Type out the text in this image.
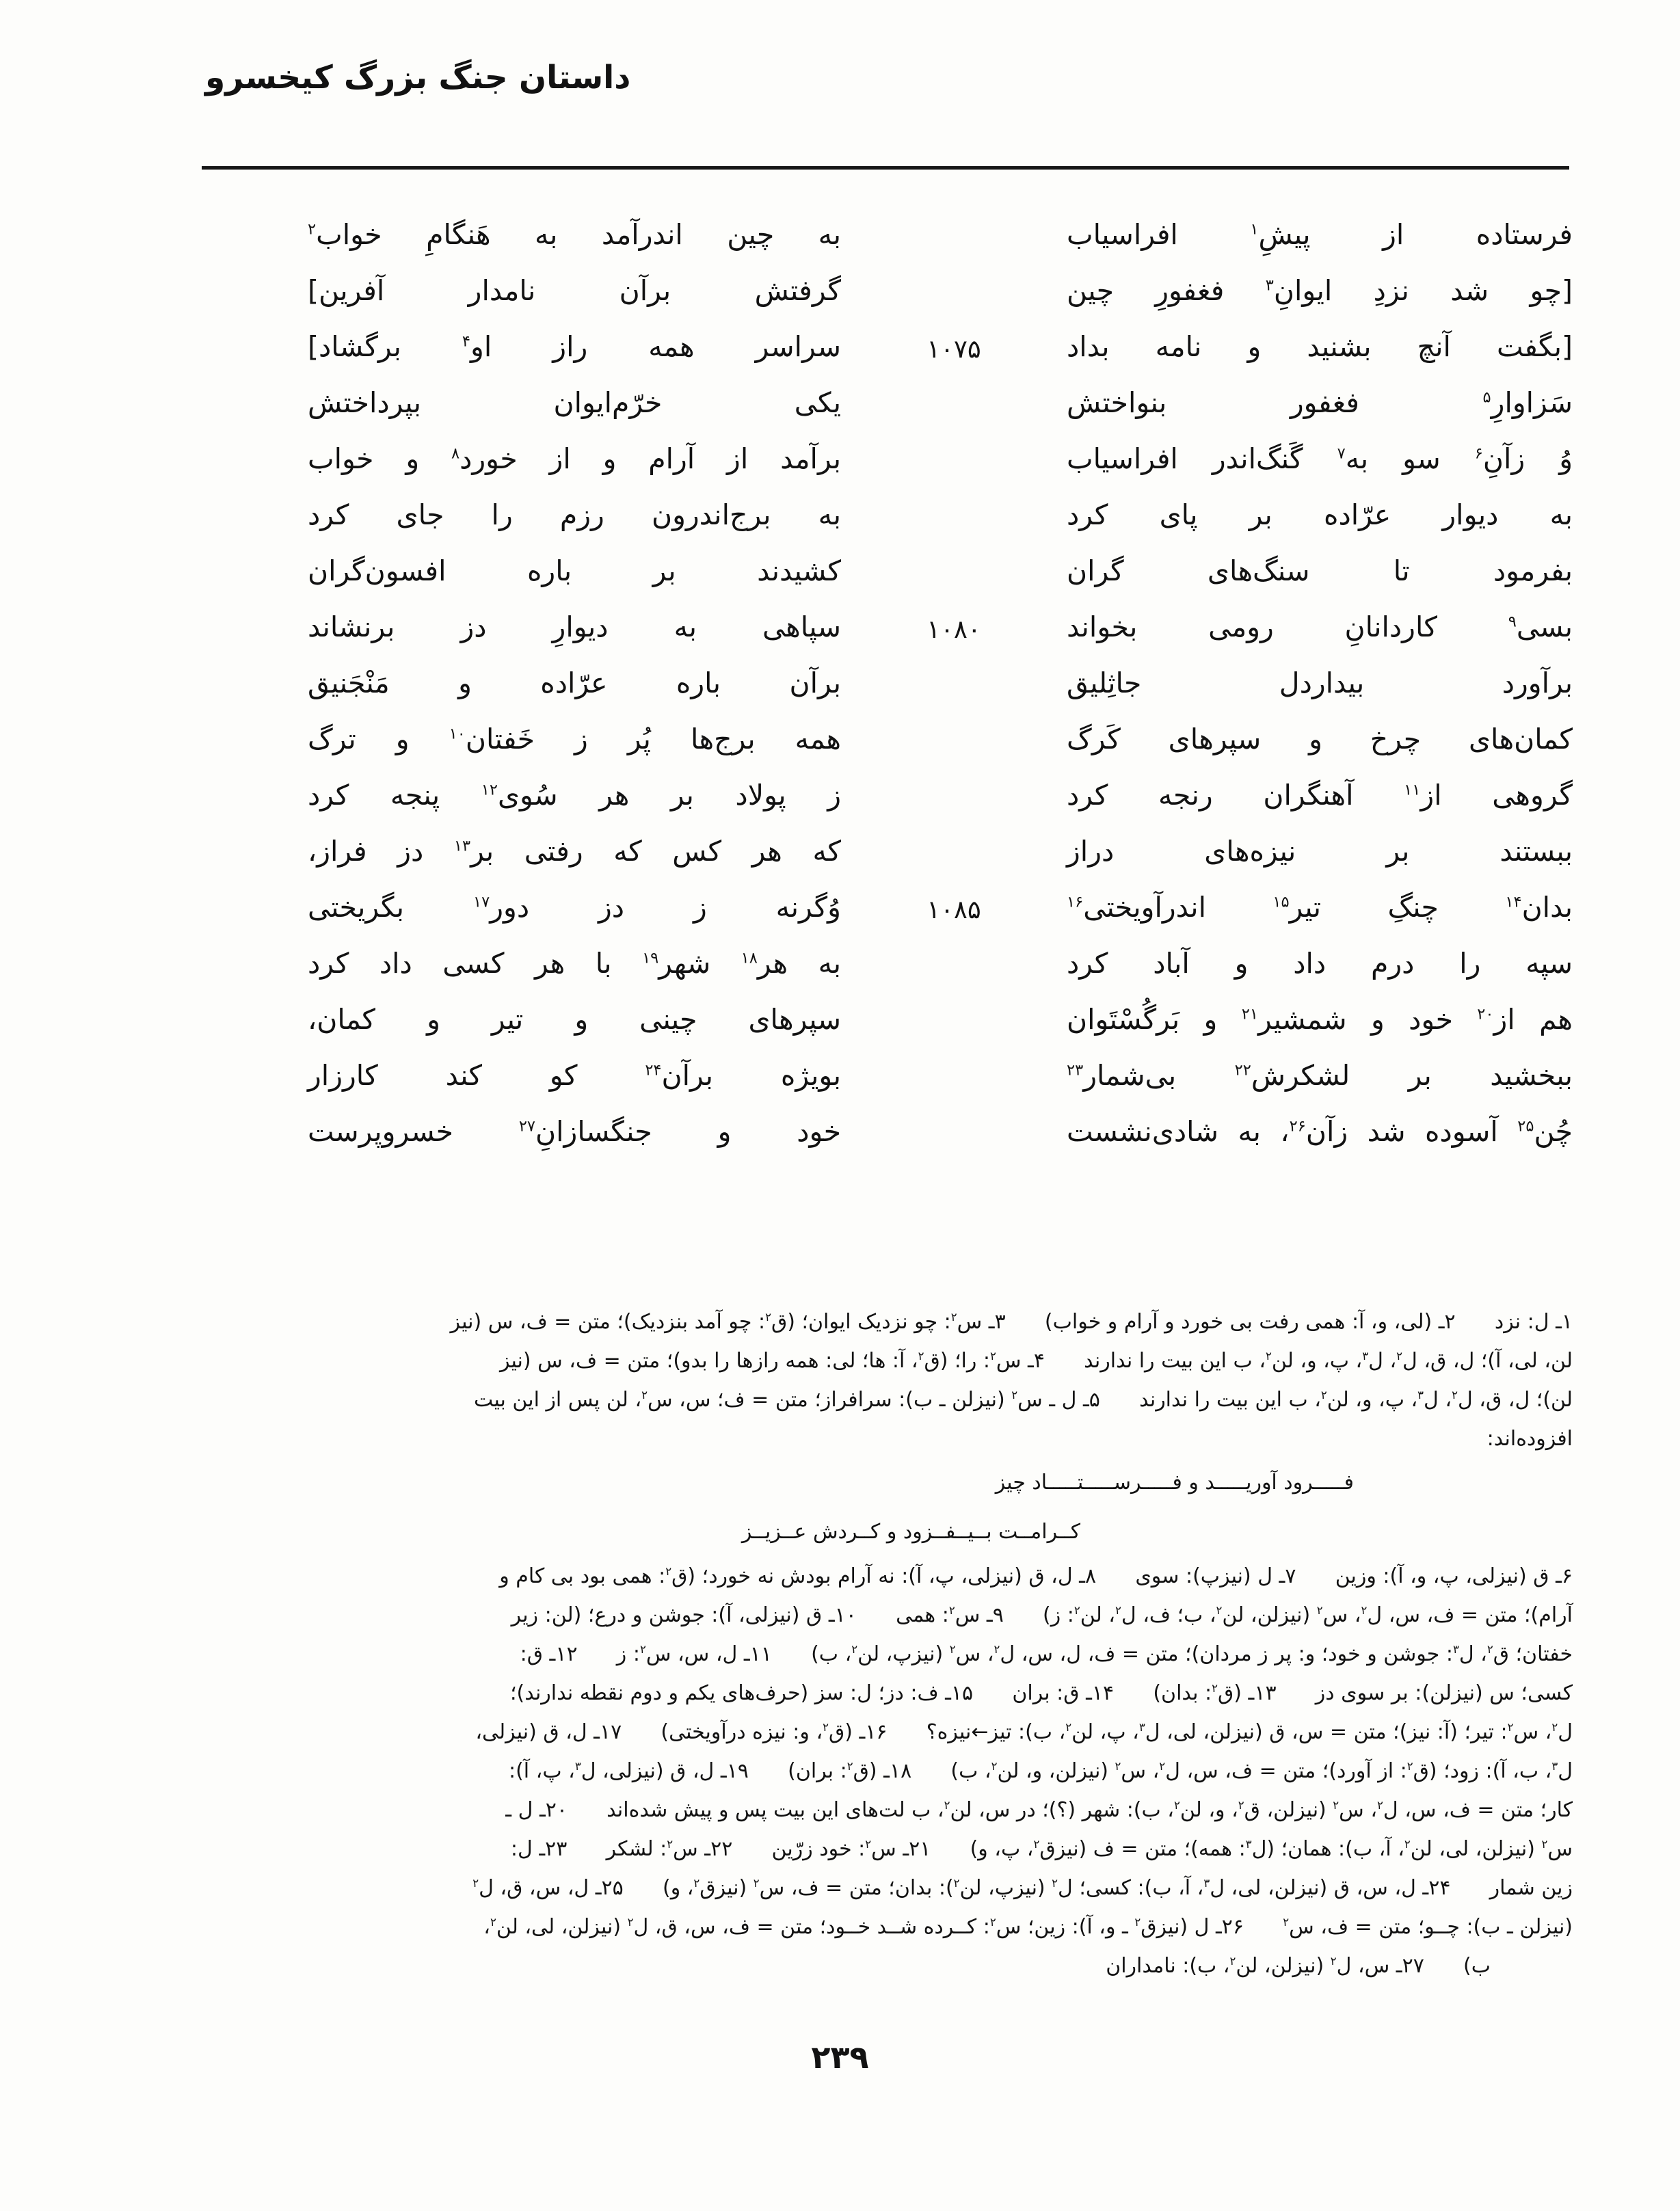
داستان جنگ بزرگ کیخسرو
فرستاده از پیشِ$^۱$ افراسیاب
به چین اندرآمد به هَنگامِ خواب$^۲$
[چو شد نزدِ ایوانِ$^۳$ فغفورِ چین
گرفتش برآن نامدار آفرین]
[بگفت آنچ بشنید و نامه بداد
۱۰۷۵
سراسر همه راز او$^۴$ برگشاد]
سَزاوارِ$^۵$ فغفور بنواختش
یکی خرّم‌ایوان بپرداختش
وُ زآنِ$^۶$ سو به$^۷$ گَنگ‌اندر افراسیاب
برآمد از آرام و از خورد$^۸$ و خواب
به دیوار عرّاده بر پای کرد
به برج‌اندرون رزم را جای کرد
بفرمود تا سنگ‌های گران
کشیدند بر باره افسون‌گران
بسی$^۹$ کاردانانِ رومی بخواند
۱۰۸۰
سپاهی به دیوارِ دز برنشاند
برآورد بیداردل جاثِلیق
برآن باره عرّاده و مَنْجَنیق
کمان‌های چرخ و سپرهای کَرگ
همه برج‌ها پُر ز خَفتان$^{۱۰}$ و ترگ
گروهی از$^{۱۱}$ آهنگران رنجه کرد
ز پولاد بر هر سُوی$^{۱۲}$ پنجه کرد
ببستند بر نیزه‌های دراز
که هر کس که رفتی بر$^{۱۳}$ دز فراز،
بدان$^{۱۴}$ چنگِ تیر$^{۱۵}$ اندرآویختی$^{۱۶}$
۱۰۸۵
وُگرنه ز دز دور$^{۱۷}$ بگریختی
سپه را درم داد و آباد کرد
به هر$^{۱۸}$ شهر$^{۱۹}$ با هر کسی داد کرد
هم از$^{۲۰}$ خود و شمشیر$^{۲۱}$ و بَرگُسْتَوان
سپرهای چینی و تیر و کمان،
ببخشید بر لشکرش$^{۲۲}$ بی‌شمار$^{۲۳}$
بویژه برآن$^{۲۴}$ کو کند کارزار
چُن$^{۲۵}$ آسوده شد زآن$^{۲۶}$، به شادی‌نشست
خود و جنگسازانِ$^{۲۷}$ خسروپرست
۱ـ ل: نزد      ۲ـ (لی، و، آ: همی رفت بی خورد و آرام و خواب)      ۳ـ س$^۲$: چو نزدیک ایوان؛ (ق$^۲$: چو آمد بنزدیک)؛ متن = ف، س (نیز
لن، لی، آ)؛ ل، ق، ل$^۲$، ل$^۳$، پ، و، لن$^۲$، ب این بیت را ندارند      ۴ـ س$^۲$: را؛ (ق$^۲$، آ: ها؛ لی: همه رازها را بدو)؛ متن = ف، س (نیز
لن)؛ ل، ق، ل$^۲$، ل$^۳$، پ، و، لن$^۲$، ب این بیت را ندارند      ۵ـ ل ـ س$^۲$ (نیزلن ـ ب): سرافراز؛ متن = ف؛ س، س$^۲$، لن پس از این بیت
افزوده‌اند:
فـــــرود آوریـــــد و فـــــرســـــتـــــاد چیز
کــرامــت بــیــفــزود و کــردش عــزیــز
۶ـ ق (نیزلی، پ، و، آ): وزین      ۷ـ ل (نیزپ): سوی      ۸ـ ل، ق (نیزلی، پ، آ): نه آرام بودش نه خورد؛ (ق$^۲$: همی بود بی کام و
آرام)؛ متن = ف، س، ل$^۲$، س$^۲$ (نیزلن، لن$^۲$، ب؛ ف، ل$^۲$، لن$^۲$: ز)      ۹ـ س$^۲$: همی      ۱۰ـ ق (نیزلی، آ): جوشن و درع؛ (لن: زیر
خفتان؛ ق$^۲$، ل$^۳$: جوشن و خود؛ و: پر ز مردان)؛ متن = ف، ل، س، ل$^۲$، س$^۲$ (نیزپ، لن$^۲$، ب)      ۱۱ـ ل، س، س$^۲$: ز      ۱۲ـ ق:
کسی؛ س (نیزلن): بر سوی دز      ۱۳ـ (ق$^۲$: بدان)      ۱۴ـ ق: بران      ۱۵ـ ف: دز؛ ل: سز (حرف‌های یکم و دوم نقطه ندارند)؛
ل$^۲$، س$^۲$: تیر؛ (آ: نیز)؛ متن = س، ق (نیزلن، لی، ل$^۳$، پ، لن$^۲$، ب): تیز←نیزه؟      ۱۶ـ (ق$^۲$، و: نیزه درآویختی)      ۱۷ـ ل، ق (نیزلی،
ل$^۳$، ب، آ): زود؛ (ق$^۲$: از آورد)؛ متن = ف، س، ل$^۲$، س$^۲$ (نیزلن، و، لن$^۲$، ب)      ۱۸ـ (ق$^۲$: بران)      ۱۹ـ ل، ق (نیزلی، ل$^۳$، پ، آ):
کار؛ متن = ف، س، ل$^۲$، س$^۲$ (نیزلن، ق$^۲$، و، لن$^۲$، ب): شهر (؟)؛ در س، لن$^۲$، ب لت‌های این بیت پس و پیش شده‌اند      ۲۰ـ ل ـ
س$^۲$ (نیزلن، لی، لن$^۲$، آ، ب): همان؛ (ل$^۳$: همه)؛ متن = ف (نیزق$^۲$، پ، و)      ۲۱ـ س$^۲$: خود زرّین      ۲۲ـ س$^۲$: لشکر      ۲۳ـ ل:
زین شمار      ۲۴ـ ل، س، ق (نیزلن، لی، ل$^۳$، آ، ب): کسی؛ ل$^۲$ (نیزپ، لن$^۲$): بدان؛ متن = ف، س$^۲$ (نیزق$^۲$، و)      ۲۵ـ ل، س، ق، ل$^۲$
(نیزلن ـ ب): چــو؛ متن = ف، س$^۲$      ۲۶ـ ل (نیزق$^۲$ ـ و، آ): زین؛ س$^۲$: کــرده شــد خــود؛ متن = ف، س، ق، ل$^۲$ (نیزلن، لی، لن$^۲$،
ب)      ۲۷ـ س، ل$^۲$ (نیزلن، لن$^۲$، ب): نامداران
۲۳۹
